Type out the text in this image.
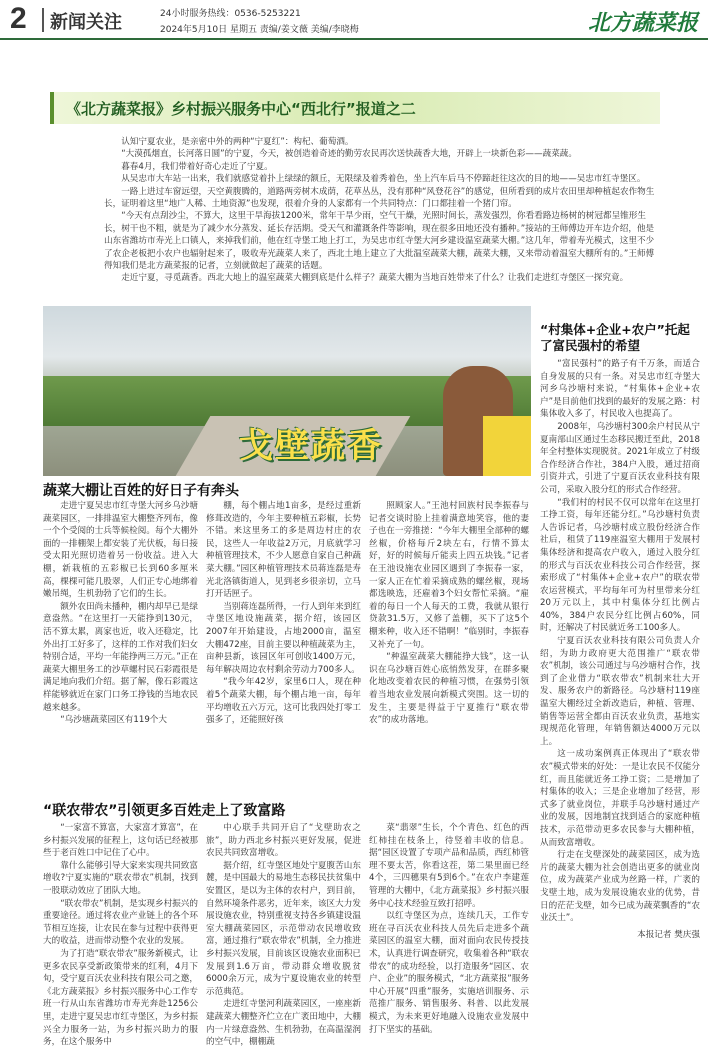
2 新闻关注	24小时服务热线：0536-5253221
2024年5月10日 星期五 责编/姜文薇 美编/李晓梅	北方蔬菜报
《北方蔬菜报》乡村振兴服务中心“西北行”报道之二

认知宁夏农业，是亲密中外的两种“宁夏红”：构杞、葡萄酒。

“大漠孤烟直，长河落日圆”的宁夏，今天，被创造着奇迹的勤劳农民再次送快蔬香大地，开辟上一块新色彩——蔬菜蔬。

暮春4月，我们带着好奇心走近了宁夏。

从吴忠市大车站一出来，我们就感觉着扑上绿绿的额丘，无限绿及着秀着色，坐上汽车后马不停蹄赶往这次的目的地——吴忠市红寺堡区。

一路上进过车窗远望，天空黄腹腾的，道路两旁树木成荫，花草丛丛，没有那种“风登花谷”的感觉，但所看到的成片农田里却种植起农作物生长，证明着这里“地广人稀、土地资源”也发现，很着介身的人家都有一个共同特点：门口都挂着一个猪门帘。

“今天有点刮沙尘，不算大，这里干旱海拔1200米，常年干旱少雨，空气干燥，光照时间长，蒸发强烈，你看看路边杨树的树冠都呈锥形生长，树干也不粗，就是为了减少水分蒸发、延长存活期。受天气和灌溉条件等影响，现在很多田地还没有播种。”接站的王师傅边开车边介绍，他是山东省潍坊市寿光上口镇人，来掉我们前，他在红寺堡工地上打工，为吴忠市红寺堡大河乡建设温室蔬菜大棚。”这几年，带着寿光模式，这里不少了农企老板把小农户也辐射起来了，吸收寿光蔬菜人来了，西北土地上建立了大批温室蔬菜大棚，蔬菜大棚，又来带动着温室大棚所有的。”王师傅得知我们是北方蔬菜报的记者，立刻就做起了蔬菜的话题。

走近宁夏，寻觅蔬香。西北大地上的温室蔬菜大棚到底是什么样子？蔬菜大棚为当地百姓带来了什么？让我们走进红寺堡区一探究竟。

戈壁蔬香
蔬菜大棚让百姓的好日子有奔头

走进宁夏吴忠市红寺堡大河乡乌沙塘蔬菜园区，一排排温室大棚整齐列布，像一个个受阅的士兵等候检阅。每个大棚外面的一排棚架上都安装了光伏板，每日接受太阳光照切造着另一份收益。进入大棚，新栽植的五彩椒已长到60多厘米高，棵棵可能几股翠，人们正专心地绑着嫩吊绳，生机勃勃了它们的生长。

额外农田尚未播种，棚内却早已是绿意盎然。“在这里打一天能挣到130元，活不算太累，离家也近，收入还稳定，比外出打工好多了，这样的工作对我们妇女特别合适，平均一年能挣两三万元。”正在蔬菜大棚里务工的沙草螺村民石彩霞很是满足地向我们介绍。据了解，像石彩霞这样能够就近在家门口务工挣钱的当地农民越来越多。

“乌沙塘蔬菜园区有119个大

棚，每个棚占地1亩多，是经过重新修葺改造的，今年主要种植五彩椒，长势不错。来这里务工的多是周边村庄的农民，这些人一年收益2万元，月底就学习种植管理技术，不少人愿意自家自己种蔬菜大棚。”园区种植管理技术员蒋连磊是寿光北洛镇街道人，见到老乡很亲切，立马打开话匣子。

当别蒋连磊所得，一行人到年来到红寺堡区地设施蔬菜，据介绍，该园区2007年开始建设，占地2000亩，温室大棚472座，目前主要以种植蔬菜为主，亩种县新，该园区年可创收1400万元，每年解决周边农村剩余劳动力700多人。

“我今年42岁，家里6口人，现在种着5个蔬菜大棚，每个棚占地一亩，每年平均增收五六万元，这可比我四处打零工强多了，还能照好孩

照顾家人。”王池村回族村民李振春与记者交谈时脸上挂着满意地笑容，他的妻子也在一旁推搓：“今年大棚里全部种的螺丝椒，价格每斤2块左右，行情不算太好，好的时候每斤能卖上四五块钱。”记者在王池设施农业园区遇到了李振春一家，一家人正在忙着采摘成熟的螺丝椒，现场都选映选，还雇着3个妇女帮忙采摘。“雇着的每日一个人每天的工费，我就从银行贷款31.5万，又修了盖棚，买下了这5个棚来种，收入还不错啊！”临别时，李振春又补充了一句。

“种温室蔬菜大棚能挣大钱”，这一认识在乌沙塘百姓心底悄然发芽，在群多聚化地改变着农民的种植习惯，在强势引领着当地农业发展向新模式突围。这一切的发生，主要是得益于宁夏推行“联农带农”的成功落地。

“联农带农”引领更多百姓走上了致富路

“一家富不算富，大家富才算富”，在乡村振兴发展的征程上，这句话已经被那些于老百姓口中记住了心中。

靠什么能够引导大家来实现共同致富增收?宁夏实施的“联农带农”机制，找到一股联动效应了团队大地。

“联农带农”机制，是实现乡村振兴的重要途径。通过将农业产业链上的各个环节相互连接，让农民在参与过程中获得更大的收益，进而带动整个农业的发展。

为了打造“联农带农”服务新模式，让更多农民享受新政策带来的红利，4月下旬，受宁夏百沃农业科技有限公司之邀，《北方蔬菜报》乡村振兴服务中心工作专班一行从山东省潍坊市寿光奔赴1256公里，走进宁夏吴忠市红寺堡区，为乡村振兴全力服务一站，为乡村振兴助力的服务，在这个服务中

中心联手共同开启了“戈壁助农之旅”，助力西北乡村振兴更好发展，促进农民共同致富增收。

据介绍，红寺堡区地处宁夏腹苦山东麓，是中国最大的易地生态移民扶贫集中安置区，是以为主体的农村户，到目前，自然环境条件恶劣，近年来，该区大力发展设施农业，特别重视支持各乡镇建设温室大棚蔬菜园区，示范带动农民增收致富，通过推行“联农带农”机制，全力推进乡村振兴发展，目前该区设施农业面积已发展到1.6万亩，带动群众增收脱贫6000余万元，成为宁夏设施农业的转型示范典范。

走进红寺堡河利蔬菜园区，一座座新建蔬菜大棚整齐伫立在广袤田地中，大棚内一片绿意盎然、生机勃勃，在高温湿润的空气中，棚棚蔬

菜“翡翠”生长，个个青色、红色的西红柿挂在枝条上，待竖着丰收的信息。据“园区设置了专项产品和品质，西红柿管理不要太苦，你看这茬，第二果里面已经4个，三四穗果有5到6个。”在农户李建莲管理的大棚中，《北方蔬菜报》乡村振兴服务中心技术经验互致打招呼。

以红寺堡区为点，连续几天，工作专班在寻百沃农业科技人员先后走进多个蔬菜园区的温室大棚，面对面向农民传授技术，认真进行调查研究，收集着各种“联农带农”的成功经验，以打造服务“园区、农户、企业”的服务模式，“北方蔬菜报”服务中心开展“四重”服务，实施培训服务、示范推广服务、销售服务、科普、以此发展模式，为未来更好地融入设施农业发展中打下坚实的基础。

“村集体+企业+农户”托起了富民强村的希望

“富民强村”的路子有千万条，而适合自身发展的只有一条。对吴忠市红寺堡大河乡乌沙塘村来说，“村集体+企业+农户”是目前他们找到的最好的发展之路：村集体收入多了，村民收入也提高了。

2008年，乌沙塘村300余户村民从宁夏南部山区通过生态移民搬迁至此，2018年全村整体实现脱贫。2021年成立了村级合作经济合作社，384户入股，通过招商引资并式，引进了宁夏百沃农业科技有限公司，采取入股分红的形式合作经营。

“我们村的村民不仅可以常年在这里打工挣工资，每年还能分红。”乌沙塘村负责人告诉记者，乌沙塘村成立股份经济合作社后，租赁了119座温室大棚用于发展村集体经济和提高农户收入，通过入股分红的形式与百沃农业科技公司合作经营，探索形成了“村集体+企业+农户”的联农带农运营模式，平均每年可为村里带来分红20万元以上，其中村集体分红比例占40%，384户农民分红比例占60%，同时，还解决了村民就近务工100多人。

宁夏百沃农业科技有限公司负责人介绍，为助力政府更大范围推广“联农带农”机制，该公司通过与乌沙塘村合作，找到了企业借力“联农带农”机制来壮大开发、服务农户的新路径。乌沙塘村119座温室大棚经过全新改造后，种植、管理、销售等运营全都由百沃农业负责，基地实现规范化管理，年销售额达4000万元以上。

这一成功案例真正体现出了“联农带农”模式带来的好处：一是让农民不仅能分红，而且能就近务工挣工资；二是增加了村集体的收入；三是企业增加了经营，形式多了就业岗位，并联手乌沙塘村通过产业的发展，因地制宜找到适合的家庭种植技术，示范带动更多农民参与大棚种植，从而致富增收。

行走在戈壁深处的蔬菜园区，成为选片的蔬菜大棚为社会创造出更多的就业岗位，成为蔬菜产业成为丝路一样，广袤的戈壁土地，成为发展设施农业的优势，昔日的茫茫戈壁，如今已成为蔬菜飘香的“农业沃土”。

本报记者 樊庆强
